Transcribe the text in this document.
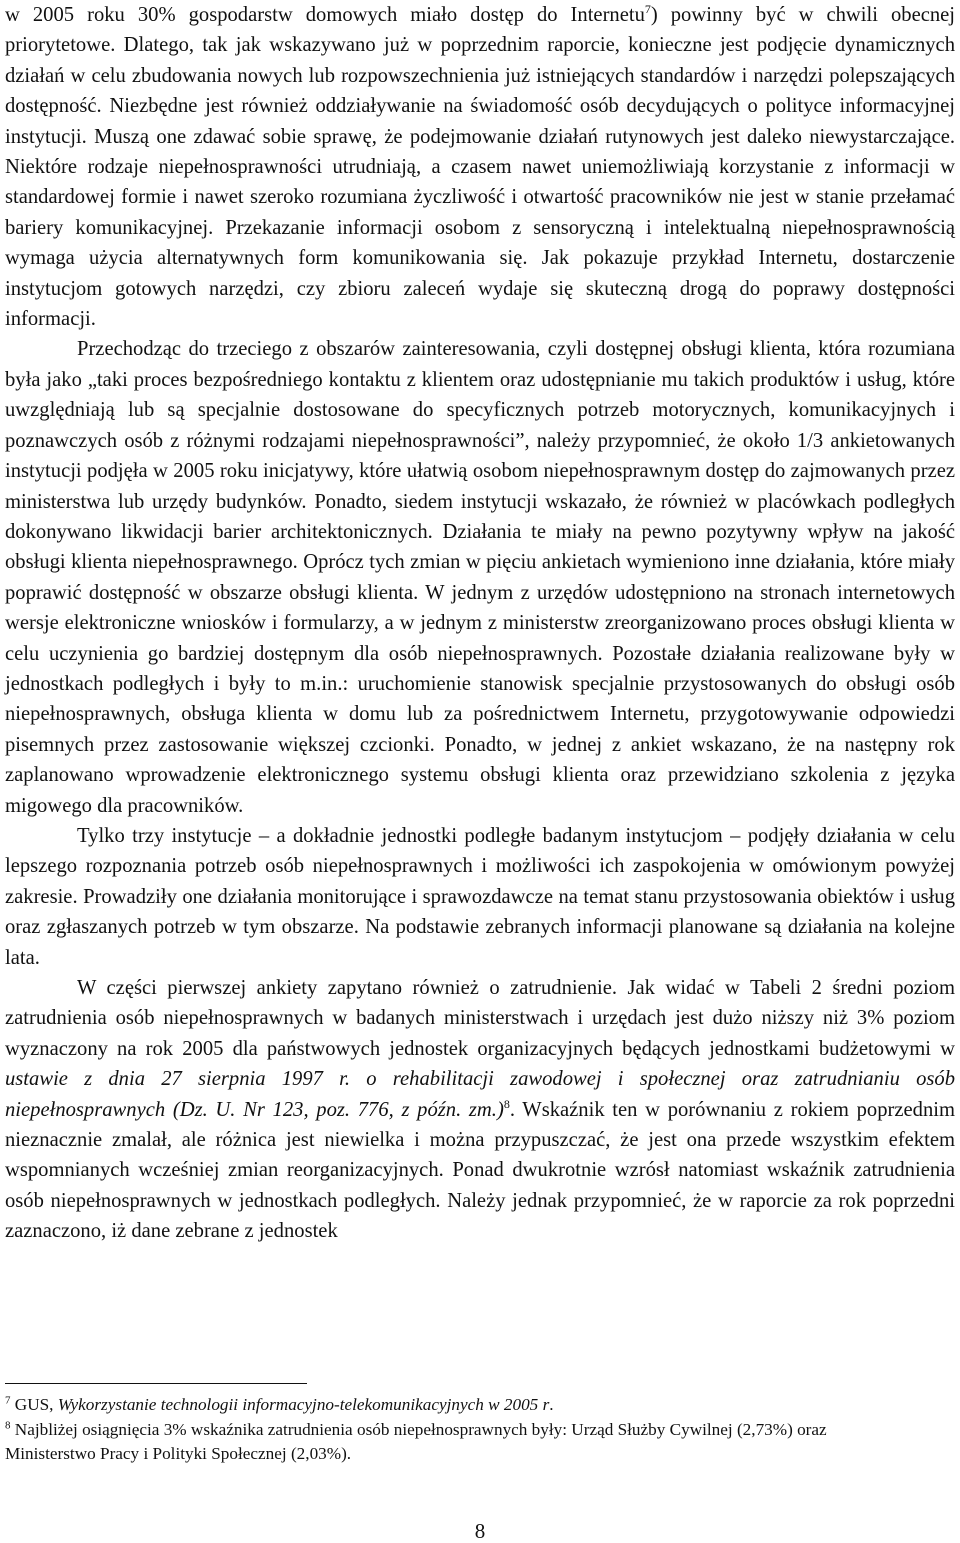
w 2005 roku 30% gospodarstw domowych miało dostęp do Internetu$^7$) powinny być w chwili obecnej priorytetowe. Dlatego, tak jak wskazywano już w poprzednim raporcie, konieczne jest podjęcie dynamicznych działań w celu zbudowania nowych lub rozpowszechnienia już istniejących standardów i narzędzi polepszających dostępność. Niezbędne jest również oddziaływanie na świadomość osób decydujących o polityce informacyjnej instytucji. Muszą one zdawać sobie sprawę, że podejmowanie działań rutynowych jest daleko niewystarczające. Niektóre rodzaje niepełnosprawności utrudniają, a czasem nawet uniemożliwiają korzystanie z informacji w standardowej formie i nawet szeroko rozumiana życzliwość i otwartość pracowników nie jest w stanie przełamać bariery komunikacyjnej. Przekazanie informacji osobom z sensoryczną i intelektualną niepełnosprawnością wymaga użycia alternatywnych form komunikowania się. Jak pokazuje przykład Internetu, dostarczenie instytucjom gotowych narzędzi, czy zbioru zaleceń wydaje się skuteczną drogą do poprawy dostępności informacji.

Przechodząc do trzeciego z obszarów zainteresowania, czyli dostępnej obsługi klienta, która rozumiana była jako „taki proces bezpośredniego kontaktu z klientem oraz udostępnianie mu takich produktów i usług, które uwzględniają lub są specjalnie dostosowane do specyficznych potrzeb motorycznych, komunikacyjnych i poznawczych osób z różnymi rodzajami niepełnosprawności”, należy przypomnieć, że około 1/3 ankietowanych instytucji podjęła w 2005 roku inicjatywy, które ułatwią osobom niepełnosprawnym dostęp do zajmowanych przez ministerstwa lub urzędy budynków. Ponadto, siedem instytucji wskazało, że również w placówkach podległych dokonywano likwidacji barier architektonicznych. Działania te miały na pewno pozytywny wpływ na jakość obsługi klienta niepełnosprawnego. Oprócz tych zmian w pięciu ankietach wymieniono inne działania, które miały poprawić dostępność w obszarze obsługi klienta. W jednym z urzędów udostępniono na stronach internetowych wersje elektroniczne wniosków i formularzy, a w jednym z ministerstw zreorganizowano proces obsługi klienta w celu uczynienia go bardziej dostępnym dla osób niepełnosprawnych. Pozostałe działania realizowane były w jednostkach podległych i były to m.in.: uruchomienie stanowisk specjalnie przystosowanych do obsługi osób niepełnosprawnych, obsługa klienta w domu lub za pośrednictwem Internetu, przygotowywanie odpowiedzi pisemnych przez zastosowanie większej czcionki. Ponadto, w jednej z ankiet wskazano, że na następny rok zaplanowano wprowadzenie elektronicznego systemu obsługi klienta oraz przewidziano szkolenia z języka migowego dla pracowników.

Tylko trzy instytucje – a dokładnie jednostki podległe badanym instytucjom – podjęły działania w celu lepszego rozpoznania potrzeb osób niepełnosprawnych i możliwości ich zaspokojenia w omówionym powyżej zakresie. Prowadziły one działania monitorujące i sprawozdawcze na temat stanu przystosowania obiektów i usług oraz zgłaszanych potrzeb w tym obszarze. Na podstawie zebranych informacji planowane są działania na kolejne lata.

W części pierwszej ankiety zapytano również o zatrudnienie. Jak widać w Tabeli 2 średni poziom zatrudnienia osób niepełnosprawnych w badanych ministerstwach i urzędach jest dużo niższy niż 3% poziom wyznaczony na rok 2005 dla państwowych jednostek organizacyjnych będących jednostkami budżetowymi w ustawie z dnia 27 sierpnia 1997 r. o rehabilitacji zawodowej i społecznej oraz zatrudnianiu osób niepełnosprawnych (Dz. U. Nr 123, poz. 776, z późn. zm.)$^8$. Wskaźnik ten w porównaniu z rokiem poprzednim nieznacznie zmalał, ale różnica jest niewielka i można przypuszczać, że jest ona przede wszystkim efektem wspomnianych wcześniej zmian reorganizacyjnych. Ponad dwukrotnie wzrósł natomiast wskaźnik zatrudnienia osób niepełnosprawnych w jednostkach podległych. Należy jednak przypomnieć, że w raporcie za rok poprzedni zaznaczono, iż dane zebrane z jednostek

$^7$ GUS, Wykorzystanie technologii informacyjno-telekomunikacyjnych w 2005 r.

$^8$ Najbliżej osiągnięcia 3% wskaźnika zatrudnienia osób niepełnosprawnych były: Urząd Służby Cywilnej (2,73%) oraz Ministerstwo Pracy i Polityki Społecznej (2,03%).

8
